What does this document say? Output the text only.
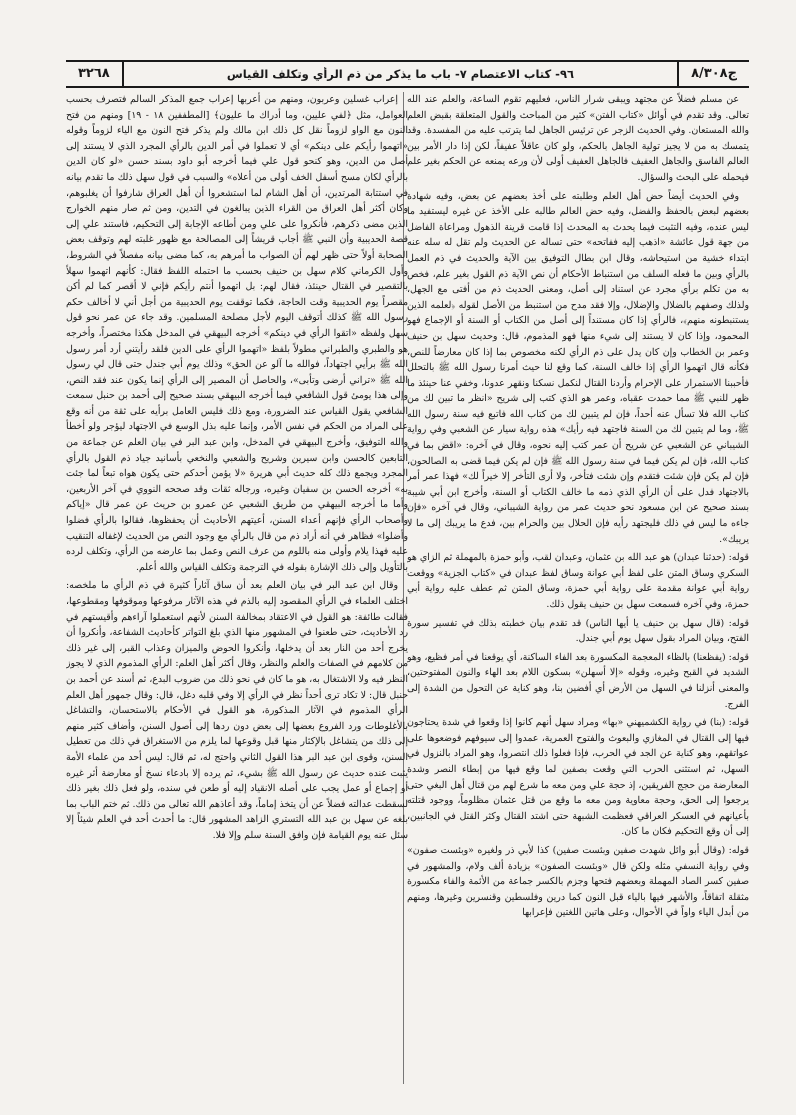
٣٢٦٨	٩٦- كتاب الاعتصام ٧- باب ما يذكر من ذم الرأي وتكلف القياس	ج٨/٣٠٨

عن مسلم فضلاً عن مجتهد ويبقى شرار الناس، فعليهم تقوم الساعة، والعلم عند الله تعالى. وقد تقدم في أوائل «كتاب الفتن» كثير من المباحث والقول المتعلقة بقبض العلم والله المستعان. وفي الحديث الزجر عن ترئيس الجاهل لما يترتب عليه من المفسدة. وقد يتمسك به من لا يجيز تولية الجاهل بالحكم، ولو كان عاقلاً عفيفاً، لكن إذا دار الأمر بين العالم الفاسق والجاهل العفيف فالجاهل العفيف أولى لأن ورعه يمنعه عن الحكم بغير علم فيحمله على البحث والسؤال.

وفي الحديث أيضاً حض أهل العلم وطلبته على أخذ بعضهم عن بعض، وفيه شهادة بعضهم لبعض بالحفظ والفضل، وفيه حض العالم طالبه على الأخذ عن غيره ليستفيد ما ليس عنده، وفيه التثبت فيما يحدث به المحدث إذا قامت قرينة الذهول ومراعاة الفاضل من جهة قول عائشة «اذهب إليه ففاتحه» حتى تساله عن الحديث ولم تقل له سله عنه ابتداء خشية من استيحاشه، وقال ابن بطال التوفيق بين الآية والحديث في ذم العمل بالرأي وبين ما فعله السلف من استنباط الأحكام أن نص الآية ذم القول بغير علم، فخص به من تكلم برأي مجرد عن استناد إلى أصل، ومعنى الحديث ذم من أفتى مع الجهل، ولذلك وصفهم بالضلال والإضلال، وإلا فقد مدح من استنبط من الأصل لقوله ﴿لعلمه الذين يستنبطونه منهم﴾، فالرأي إذا كان مستنداً إلى أصل من الكتاب أو السنة أو الإجماع فهو المحمود، وإذا كان لا يستند إلى شيء منها فهو المذموم، قال: وحديث سهل بن حنيف وعمر بن الخطاب وإن كان يدل على ذم الرأي لكنه مخصوص بما إذا كان معارضاً للنص، فكأنه قال اتهموا الرأي إذا خالف السنة، كما وقع لنا حيث أمرنا رسول الله ﷺ بالتحلل فأحببنا الاستمرار على الإحرام وأردنا القتال لنكمل نسكنا ونقهر عدونا، وخفي عنا حينئذ ما ظهر للنبي ﷺ مما حمدت عقباه، وعمر هو الذي كتب إلى شريح «انظر ما تبين لك من كتاب الله فلا تسأل عنه أحداً، فإن لم يتبين لك من كتاب الله فاتبع فيه سنة رسول الله ﷺ، وما لم يتبين لك من السنة فاجتهد فيه رأيك» هذه رواية سيار عن الشعبي وفي رواية الشيباني عن الشعبي عن شريح أن عمر كتب إليه نحوه، وقال في آخره: «اقض بما في كتاب الله، فإن لم يكن فيما في سنة رسول الله ﷺ فإن لم يكن فيما قضى به الصالحون، فإن لم يكن فإن شئت فتقدم وإن شئت فتأخر، ولا أرى التأخر إلا خيراً لك» فهذا عمر أمر بالاجتهاد فدل على أن الرأي الذي ذمه ما خالف الكتاب أو السنة، وأخرج ابن أبي شيبة بسند صحيح عن ابن مسعود نحو حديث عمر من رواية الشيباني، وقال في آخره «فإن جاءه ما ليس في ذلك فليجتهد رأيه فإن الحلال بين والحرام بين، فدع ما يريبك إلى ما لا يريبك».

قوله: (حدثنا عبدان) هو عبد الله بن عثمان، وعبدان لقب، وأبو حمزة بالمهملة ثم الزاي هو السكري وساق المتن على لفظ أبي عوانة وساق لفظ عبدان في «كتاب الجزية» ووقعت رواية أبي عوانة مقدمة على رواية أبي حمزة، وساق المتن ثم عطف عليه رواية أبي حمزة، وفي آخره فسمعت سهل بن حنيف يقول ذلك.

قوله: (قال سهل بن حنيف يا أيها الناس) قد تقدم بيان خطبته بذلك في تفسير سورة الفتح، وبيان المراد بقول سهل يوم أبي جندل.

قوله: (يفظعنا) بالظاء المعجمة المكسورة بعد الفاء الساكنة، أي يوقعنا في أمر فظيع، وهو الشديد في القبح وغيره، وقوله «إلا أسهلن» بسكون اللام بعد الهاء والنون المفتوحتين، والمعنى أنزلنا في السهل من الأرض أي أفضين بنا، وهو كناية عن التحول من الشدة إلى الفرج.

قوله: (بنا) في رواية الكشميهني «بها» ومراد سهل أنهم كانوا إذا وقعوا في شدة يحتاجون فيها إلى القتال في المغازي والبعوث والفتوح العمرية، عمدوا إلى سيوفهم فوضعوها على عواتقهم، وهو كناية عن الجد في الحرب، فإذا فعلوا ذلك انتصروا، وهو المراد بالنزول في السهل، ثم استثنى الحرب التي وقعت بصفين لما وقع فيها من إبطاء النصر وشدة المعارضة من حجج الفريقين، إذ حجة علي ومن معه ما شرع لهم من قتال أهل البغي حتى يرجعوا إلى الحق، وحجة معاوية ومن معه ما وقع من قتل عثمان مظلوماً، ووجود قتلته بأعيانهم في العسكر العراقي فعظمت الشبهة حتى اشتد القتال وكثر القتل في الجانبين، إلى أن وقع التحكيم فكان ما كان.

قوله: (وقال أبو وائل شهدت صفين وبئست صفين) كذا لأبي ذر ولغيره «وبئست صفون» وفي رواية النسفي مثله ولكن قال «وبئست الصفون» بزيادة ألف ولام، والمشهور في صفين كسر الصاد المهملة وبعضهم فتحها وجزم بالكسر جماعة من الأئمة والفاء مكسورة مثقلة اتفاقاً، والأشهر فيها بالياء قبل النون كما درين وفلسطين وقنسرين وغيرها، ومنهم من أبدل الياء واواً في الأحوال، وعلى هاتين اللغتين فإعرابها

إعراب غسلين وعربون، ومنهم من أعربها إعراب جمع المذكر السالم فتصرف بحسب العوامل، مثل ﴿لفي عليين، وما أدراك ما عليون﴾ [المطففين ١٨ - ١٩] ومنهم من فتح النون مع الواو لزوماً نقل كل ذلك ابن مالك ولم يذكر فتح النون مع الياء لزوماً وقوله «اتهموا رأيكم على دينكم» أي لا تعملوا في أمر الدين بالرأي المجرد الذي لا يستند إلى أصل من الدين، وهو كنحو قول علي فيما أخرجه أبو داود بسند حسن «لو كان الدين بالرأي لكان مسح أسفل الخف أولى من أعلاه» والسبب في قول سهل ذلك ما تقدم بيانه في استتابة المرتدين، أن أهل الشام لما استشعروا أن أهل العراق شارفوا أن يغلبوهم، وكان أكثر أهل العراق من القراء الذين يبالغون في التدين، ومن ثم صار منهم الخوارج الذين مضى ذكرهم، فأنكروا على علي ومن أطاعه الإجابة إلى التحكيم، فاستند علي إلى قصة الحديبية وأن النبي ﷺ أجاب قريشاً إلى المصالحة مع ظهور غلبته لهم وتوقف بعض الصحابة أولاً حتى ظهر لهم أن الصواب ما أمرهم به، كما مضى بيانه مفصلاً في الشروط، وأول الكرماني كلام سهل بن حنيف بحسب ما احتمله اللفظ فقال: كأنهم اتهموا سهلاً بالتقصير في القتال حينئذ، فقال لهم: بل اتهموا أنتم رأيكم فإني لا أقصر كما لم أكن مقصراً يوم الحديبية وقت الحاجة، فكما توقفت يوم الحديبية من أجل أني لا أخالف حكم رسول الله ﷺ كذلك أتوقف اليوم لأجل مصلحة المسلمين. وقد جاء عن عمر نحو قول سهل ولفظه «اتقوا الرأي في دينكم» أخرجه البيهقي في المدخل هكذا مختصراً، وأخرجه هو والطبري والطبراني مطولاً بلفظ «اتهموا الرأي على الدين فلقد رأيتني أرد أمر رسول الله ﷺ برأيي اجتهاداً، فوالله ما آلو عن الحق» وذلك يوم أبي جندل حتى قال لي رسول الله ﷺ «تراني أرضى وتأبى»، والحاصل أن المصير إلى الرأي إنما يكون عند فقد النص، وإلى هذا يومئ قول الشافعي فيما أخرجه البيهقي بسند صحيح إلى أحمد بن حنبل سمعت الشافعي يقول القياس عند الضرورة، ومع ذلك فليس العامل برأيه على ثقة من أنه وقع على المراد من الحكم في نفس الأمر، وإنما عليه بذل الوسع في الاجتهاد ليؤجر ولو أخطأ والله التوفيق، وأخرج البيهقي في المدخل، وابن عبد البر في بيان العلم عن جماعة من التابعين كالحسن وابن سيرين وشريح والشعبي والنخعي بأسانيد جياد ذم القول بالرأي المجرد ويجمع ذلك كله حديث أبي هريرة «لا يؤمن أحدكم حتى يكون هواه تبعاً لما جئت به» أخرجه الحسن بن سفيان وغيره، ورجاله ثقات وقد صححه النووي في آخر الأربعين، وأما ما أخرجه البيهقي من طريق الشعبي عن عمرو بن حريث عن عمر قال «إياكم وأصحاب الرأي فإنهم أعداء السنن، أعيتهم الأحاديث أن يحفظوها، فقالوا بالرأي فضلوا وأضلوا» فظاهر في أنه أراد ذم من قال بالرأي مع وجود النص من الحديث لإغفاله التنقيب عليه فهذا يلام وأولى منه باللوم من عرف النص وعمل بما عارضه من الرأي، وتكلف لرده بالتأويل وإلى ذلك الإشارة بقوله في الترجمة وتكلف القياس والله أعلم.

وقال ابن عبد البر في بيان العلم بعد أن ساق آثاراً كثيرة في ذم الرأي ما ملخصه: اختلف العلماء في الرأي المقصود إليه بالذم في هذه الآثار مرفوعها وموقوفها ومقطوعها، فقالت طائفة: هو القول في الاعتقاد بمخالفة السنن لأنهم استعملوا آراءهم وأقيستهم في رد الأحاديث، حتى طعنوا في المشهور منها الذي بلغ التواتر كأحاديث الشفاعة، وأنكروا أن يخرج أحد من النار بعد أن يدخلها، وأنكروا الحوض والميزان وعذاب القبر، إلى غير ذلك من كلامهم في الصفات والعلم والنظر، وقال أكثر أهل العلم: الرأي المذموم الذي لا يجوز النظر فيه ولا الاشتغال به، هو ما كان في نحو ذلك من ضروب البدع، ثم أسند عن أحمد بن حنبل قال: لا تكاد ترى أحداً نظر في الرأي إلا وفي قلبه دغل، قال: وقال جمهور أهل العلم الرأي المذموم في الآثار المذكورة، هو القول في الأحكام بالاستحسان، والتشاغل بالأغلوطات ورد الفروع بعضها إلى بعض دون ردها إلى أصول السنن، وأضاف كثير منهم إلى ذلك من يتشاغل بالإكثار منها قبل وقوعها لما يلزم من الاستغراق في ذلك من تعطيل السنن، وقوى ابن عبد البر هذا القول الثاني واحتج له، ثم قال: ليس أحد من علماء الأمة يثبت عنده حديث عن رسول الله ﷺ بشيء، ثم يرده إلا بادعاء نسخ أو معارضة أثر غيره أو إجماع أو عمل يجب على أصله الانقياد إليه أو طعن في سنده، ولو فعل ذلك بغير ذلك لسقطت عدالته فضلاً عن أن يتخذ إماماً، وقد أعاذهم الله تعالى من ذلك. ثم ختم الباب بما بلغه عن سهل بن عبد الله التستري الزاهد المشهور قال: ما أحدث أحد في العلم شيئاً إلا سئل عنه يوم القيامة فإن وافق السنة سلم وإلا فلا.
